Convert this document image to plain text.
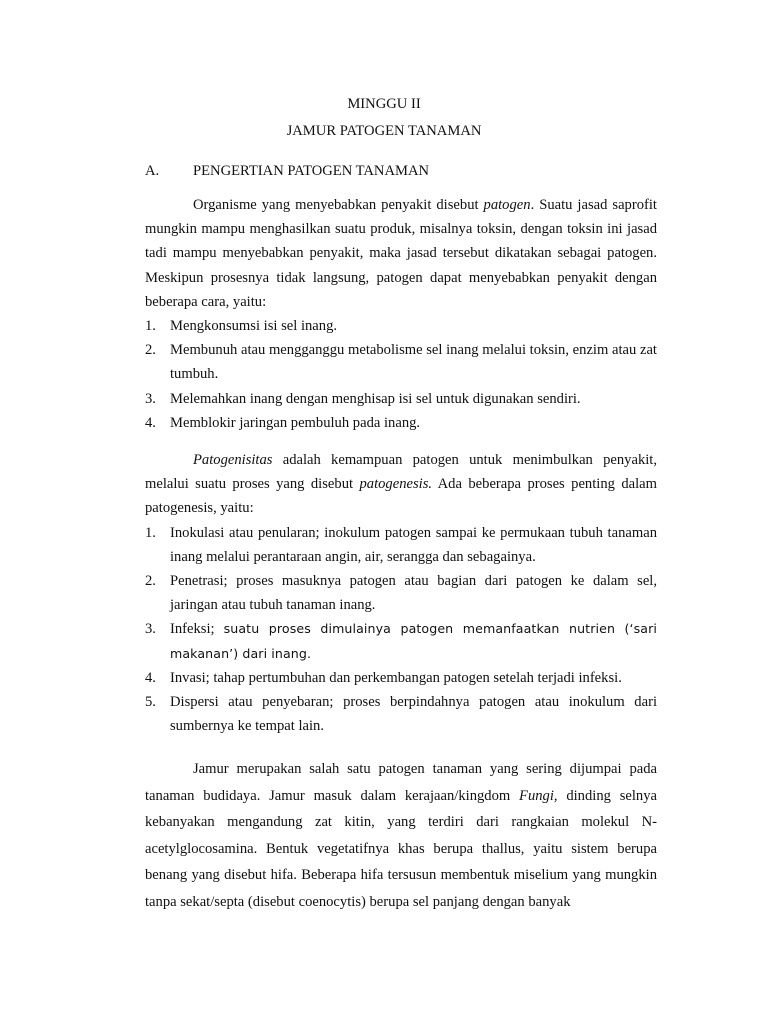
MINGGU II
JAMUR PATOGEN TANAMAN
A. PENGERTIAN PATOGEN TANAMAN

Organisme yang menyebabkan penyakit disebut patogen. Suatu jasad saprofit mungkin mampu menghasilkan suatu produk, misalnya toksin, dengan toksin ini jasad tadi mampu menyebabkan penyakit, maka jasad tersebut dikatakan sebagai patogen. Meskipun prosesnya tidak langsung, patogen dapat menyebabkan penyakit dengan beberapa cara, yaitu:

1. Mengkonsumsi isi sel inang.
2. Membunuh atau mengganggu metabolisme sel inang melalui toksin, enzim atau zat tumbuh.
3. Melemahkan inang dengan menghisap isi sel untuk digunakan sendiri.
4. Memblokir jaringan pembuluh pada inang.

Patogenisitas adalah kemampuan patogen untuk menimbulkan penyakit, melalui suatu proses yang disebut patogenesis. Ada beberapa proses penting dalam patogenesis, yaitu:

1. Inokulasi atau penularan; inokulum patogen sampai ke permukaan tubuh tanaman inang melalui perantaraan angin, air, serangga dan sebagainya.
2. Penetrasi; proses masuknya patogen atau bagian dari patogen ke dalam sel, jaringan atau tubuh tanaman inang.
3. Infeksi; suatu proses dimulainya patogen memanfaatkan nutrien (‘sari makanan’) dari inang.
4. Invasi; tahap pertumbuhan dan perkembangan patogen setelah terjadi infeksi.
5. Dispersi atau penyebaran; proses berpindahnya patogen atau inokulum dari sumbernya ke tempat lain.

Jamur merupakan salah satu patogen tanaman yang sering dijumpai pada tanaman budidaya. Jamur masuk dalam kerajaan/kingdom Fungi, dinding selnya kebanyakan mengandung zat kitin, yang terdiri dari rangkaian molekul N-acetylglocosamina. Bentuk vegetatifnya khas berupa thallus, yaitu sistem berupa benang yang disebut hifa. Beberapa hifa tersusun membentuk miselium yang mungkin tanpa sekat/septa (disebut coenocytis) berupa sel panjang dengan banyak
